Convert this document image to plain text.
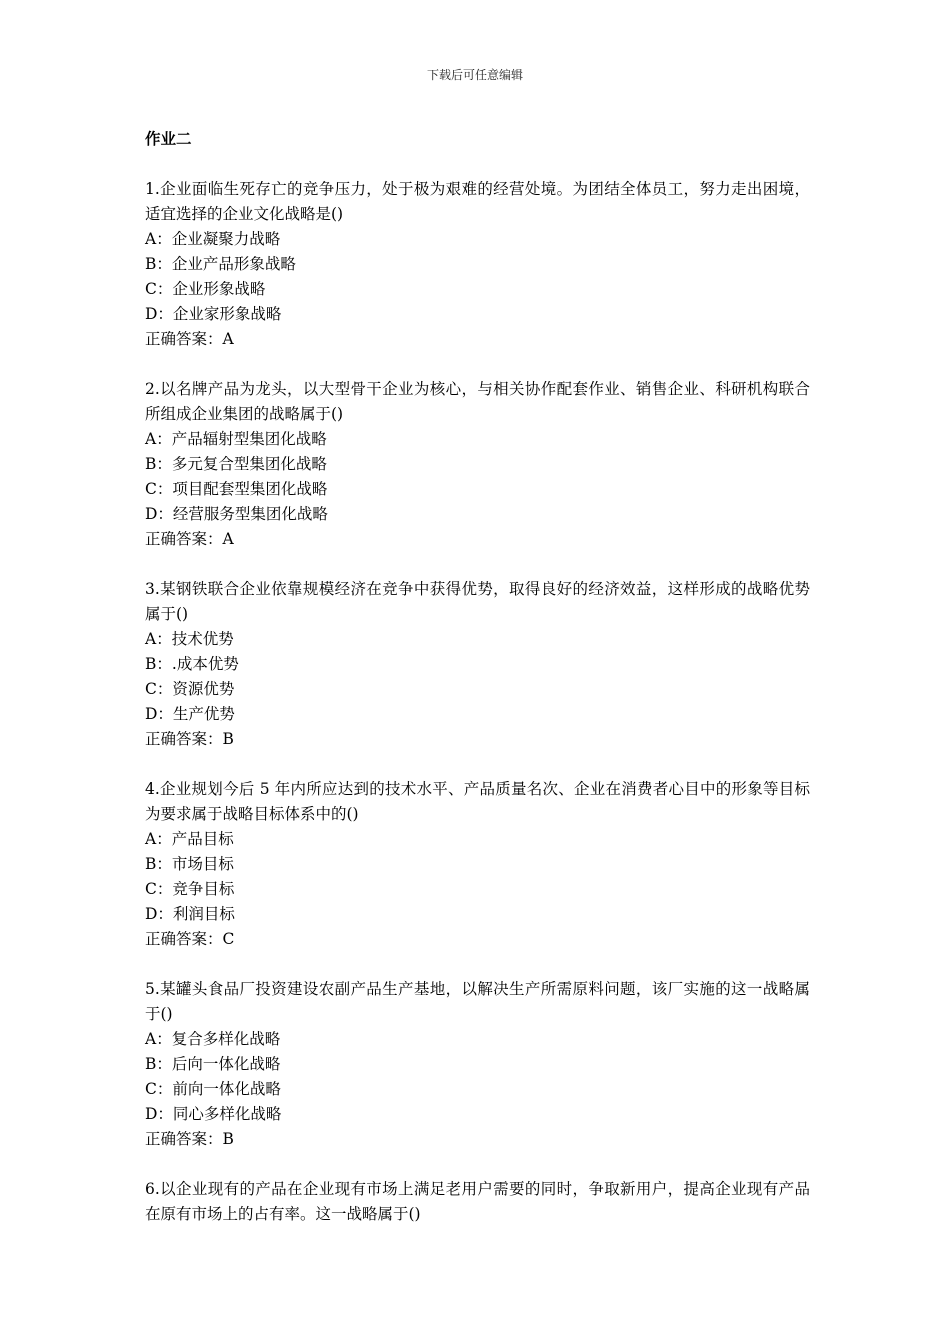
下载后可任意编辑
作业二

1.企业面临生死存亡的竞争压力，处于极为艰难的经营处境。为团结全体员工，努力走出困境，适宜选择的企业文化战略是()

A：企业凝聚力战略

B：企业产品形象战略

C：企业形象战略

D：企业家形象战略

正确答案：A

2.以名牌产品为龙头，以大型骨干企业为核心，与相关协作配套作业、销售企业、科研机构联合所组成企业集团的战略属于()

A：产品辐射型集团化战略

B：多元复合型集团化战略

C：项目配套型集团化战略

D：经营服务型集团化战略

正确答案：A

3.某钢铁联合企业依靠规模经济在竞争中获得优势，取得良好的经济效益，这样形成的战略优势属于()

A：技术优势

B：.成本优势

C：资源优势

D：生产优势

正确答案：B

4.企业规划今后 5 年内所应达到的技术水平、产品质量名次、企业在消费者心目中的形象等目标为要求属于战略目标体系中的()

A：产品目标

B：市场目标

C：竞争目标

D：利润目标

正确答案：C

5.某罐头食品厂投资建设农副产品生产基地，以解决生产所需原料问题，该厂实施的这一战略属于()

A：复合多样化战略

B：后向一体化战略

C：前向一体化战略

D：同心多样化战略

正确答案：B

6.以企业现有的产品在企业现有市场上满足老用户需要的同时，争取新用户，提高企业现有产品在原有市场上的占有率。这一战略属于()
